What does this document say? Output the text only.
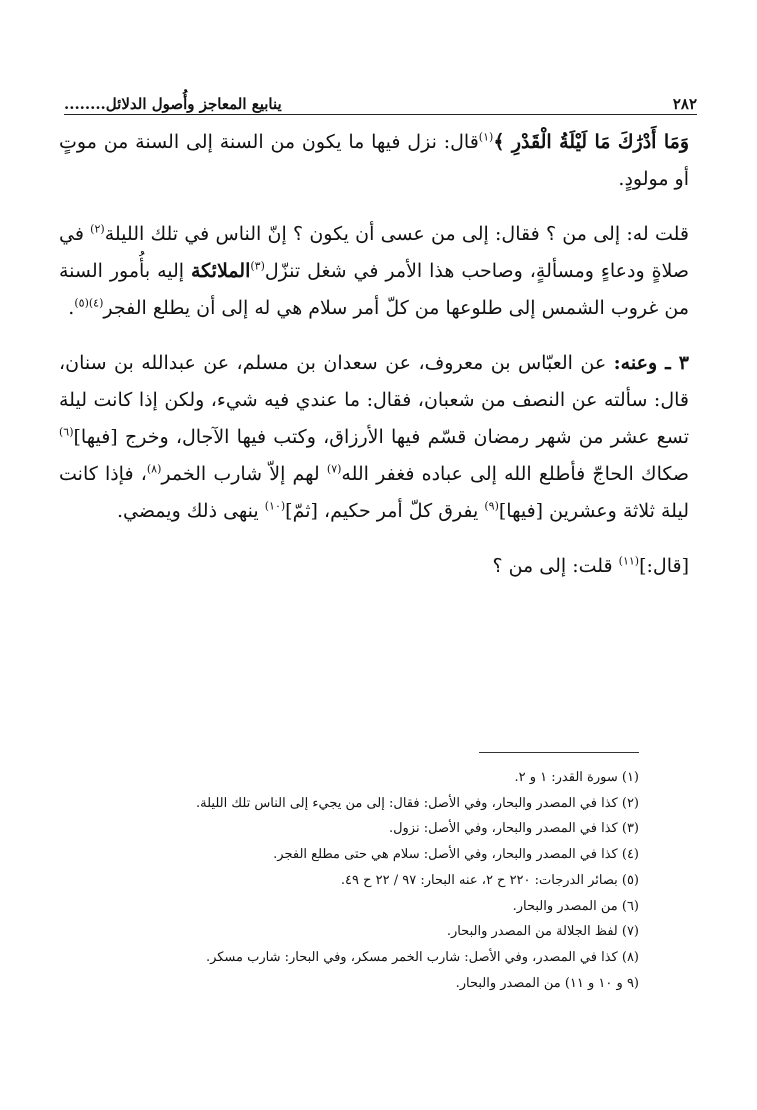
٢٨٢
ينابيع المعاجز وأُصول الدلائل........

وَمَا أَدْرَٰكَ مَا لَيْلَةُ الْقَدْرِ ﴾$^{(١)}$قال: نزل فيها ما يكون من السنة إلى السنة من موتٍ أو مولودٍ.

قلت له: إلى من ؟ فقال: إلى من عسى أن يكون ؟ إنّ الناس في تلك الليلة$^{(٢)}$ في صلاةٍ ودعاءٍ ومسألةٍ، وصاحب هذا الأمر في شغل تنزّل$^{(٣)}$الملائكة إليه بأُمور السنة من غروب الشمس إلى طلوعها من كلّ أمر سلام هي له إلى أن يطلع الفجر$^{(٤)(٥)}$.

٣ ـ وعنه: عن العبّاس بن معروف، عن سعدان بن مسلم، عن عبدالله بن سنان، قال: سألته عن النصف من شعبان، فقال: ما عندي فيه شيء، ولكن إذا كانت ليلة تسع عشر من شهر رمضان قسّم فيها الأرزاق، وكتب فيها الآجال، وخرج [فيها]$^{(٦)}$ صكاك الحاجّ فأطلع الله إلى عباده فغفر الله$^{(٧)}$ لهم إلاّ شارب الخمر$^{(٨)}$، فإذا كانت ليلة ثلاثة وعشرين [فيها]$^{(٩)}$ يفرق كلّ أمر حكيم، [ثمّ]$^{(١٠)}$ ينهى ذلك ويمضي.

[قال:]$^{(١١)}$ قلت: إلى من ؟

(١) سورة القدر: ١ و ٢.
(٢) كذا في المصدر والبحار، وفي الأصل: فقال: إلى من يجيء إلى الناس تلك الليلة.
(٣) كذا في المصدر والبحار، وفي الأصل: نزول.
(٤) كذا في المصدر والبحار، وفي الأصل: سلام هي حتى مطلع الفجر.
(٥) بصائر الدرجات: ٢٢٠ ح ٢، عنه البحار: ٩٧ / ٢٢ ح ٤٩.
(٦) من المصدر والبحار.
(٧) لفظ الجلالة من المصدر والبحار.
(٨) كذا في المصدر، وفي الأصل: شارب الخمر مسكر، وفي البحار: شارب مسكر.
(٩ و ١٠ و ١١) من المصدر والبحار.
